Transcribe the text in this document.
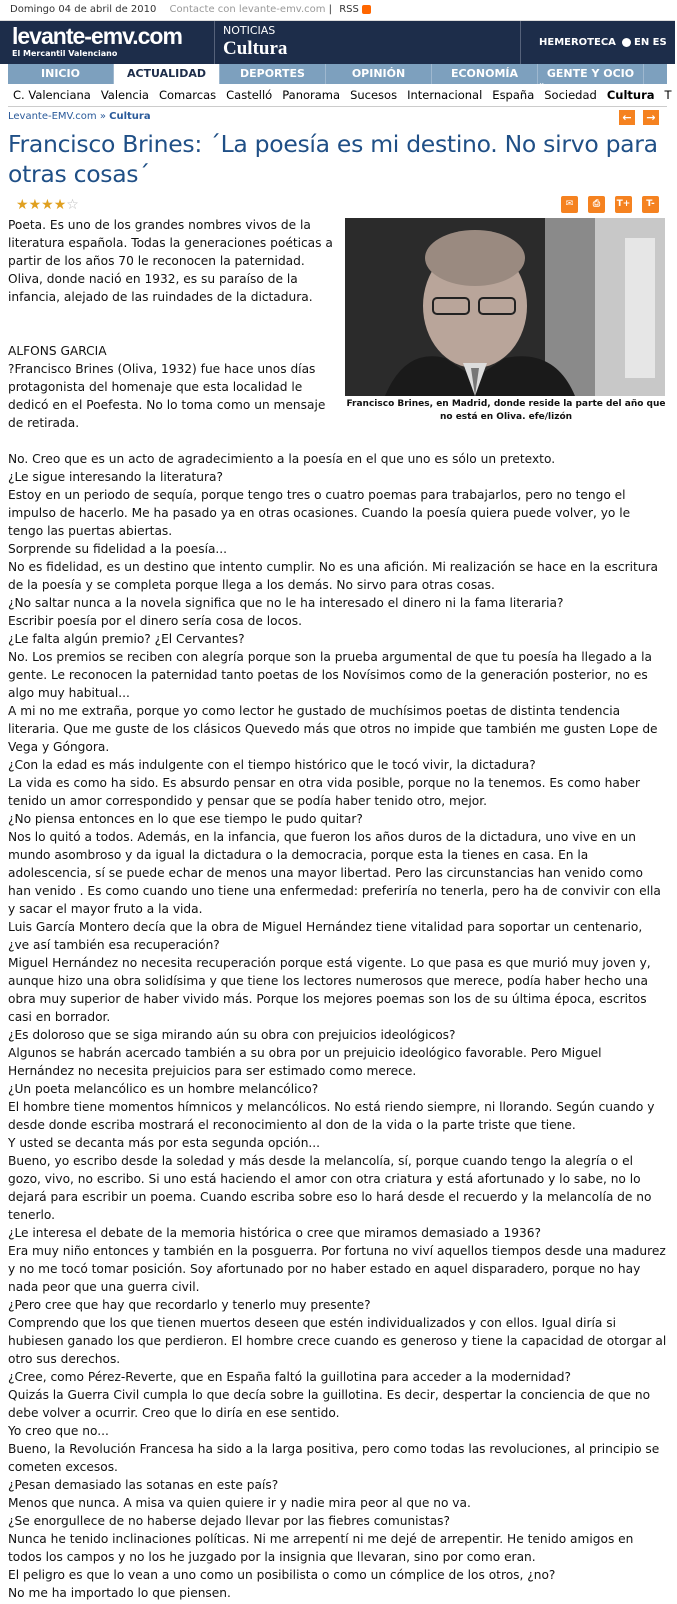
Domingo 04 de abril de 2010 Contacte con levante-emv.com | RSS
levante-emv.com
El Mercantil Valenciano
NOTICIAS
Cultura	HEMEROTECA »
EN ES
INICIO	ACTUALIDAD	DEPORTES	OPINIÓN	ECONOMÍA	GENTE Y OCIO
C. Valenciana Valencia Comarcas Castelló Panorama Sucesos Internacional España Sociedad Cultura T
Levante-EMV.com » Cultura	←	→
Francisco Brines: ´La poesía es mi destino. No sirvo para otras cosas´
★★★★☆	✉	⎙	T+	T-
Francisco Brines, en Madrid, donde reside la parte del año que no está en Oliva. efe/lizón

Poeta. Es uno de los grandes nombres vivos de la literatura española. Todas la generaciones poéticas a partir de los años 70 le reconocen la paternidad. Oliva, donde nació en 1932, es su paraíso de la infancia, alejado de las ruindades de la dictadura.

ALFONS GARCIA

?Francisco Brines (Oliva, 1932) fue hace unos días protagonista del homenaje que esta localidad le dedicó en el Poefesta. No lo toma como un mensaje de retirada.

No. Creo que es un acto de agradecimiento a la poesía en el que uno es sólo un pretexto.

¿Le sigue interesando la literatura?

Estoy en un periodo de sequía, porque tengo tres o cuatro poemas para trabajarlos, pero no tengo el impulso de hacerlo. Me ha pasado ya en otras ocasiones. Cuando la poesía quiera puede volver, yo le tengo las puertas abiertas.

Sorprende su fidelidad a la poesía...

No es fidelidad, es un destino que intento cumplir. No es una afición. Mi realización se hace en la escritura de la poesía y se completa porque llega a los demás. No sirvo para otras cosas.

¿No saltar nunca a la novela significa que no le ha interesado el dinero ni la fama literaria?

Escribir poesía por el dinero sería cosa de locos.

¿Le falta algún premio? ¿El Cervantes?

No. Los premios se reciben con alegría porque son la prueba argumental de que tu poesía ha llegado a la gente. Le reconocen la paternidad tanto poetas de los Novísimos como de la generación posterior, no es algo muy habitual...

A mi no me extraña, porque yo como lector he gustado de muchísimos poetas de distinta tendencia literaria. Que me guste de los clásicos Quevedo más que otros no impide que también me gusten Lope de Vega y Góngora.

¿Con la edad es más indulgente con el tiempo histórico que le tocó vivir, la dictadura?

La vida es como ha sido. Es absurdo pensar en otra vida posible, porque no la tenemos. Es como haber tenido un amor correspondido y pensar que se podía haber tenido otro, mejor.

¿No piensa entonces en lo que ese tiempo le pudo quitar?

Nos lo quitó a todos. Además, en la infancia, que fueron los años duros de la dictadura, uno vive en un mundo asombroso y da igual la dictadura o la democracia, porque esta la tienes en casa. En la adolescencia, sí se puede echar de menos una mayor libertad. Pero las circunstancias han venido como han venido . Es como cuando uno tiene una enfermedad: preferiría no tenerla, pero ha de convivir con ella y sacar el mayor fruto a la vida.

Luis García Montero decía que la obra de Miguel Hernández tiene vitalidad para soportar un centenario, ¿ve así también esa recuperación?

Miguel Hernández no necesita recuperación porque está vigente. Lo que pasa es que murió muy joven y, aunque hizo una obra solidísima y que tiene los lectores numerosos que merece, podía haber hecho una obra muy superior de haber vivido más. Porque los mejores poemas son los de su última época, escritos casi en borrador.

¿Es doloroso que se siga mirando aún su obra con prejuicios ideológicos?

Algunos se habrán acercado también a su obra por un prejuicio ideológico favorable. Pero Miguel Hernández no necesita prejuicios para ser estimado como merece.

¿Un poeta melancólico es un hombre melancólico?

El hombre tiene momentos hímnicos y melancólicos. No está riendo siempre, ni llorando. Según cuando y desde donde escriba mostrará el reconocimiento al don de la vida o la parte triste que tiene.

Y usted se decanta más por esta segunda opción...

Bueno, yo escribo desde la soledad y más desde la melancolía, sí, porque cuando tengo la alegría o el gozo, vivo, no escribo. Si uno está haciendo el amor con otra criatura y está afortunado y lo sabe, no lo dejará para escribir un poema. Cuando escriba sobre eso lo hará desde el recuerdo y la melancolía de no tenerlo.

¿Le interesa el debate de la memoria histórica o cree que miramos demasiado a 1936?

Era muy niño entonces y también en la posguerra. Por fortuna no viví aquellos tiempos desde una madurez y no me tocó tomar posición. Soy afortunado por no haber estado en aquel disparadero, porque no hay nada peor que una guerra civil.

¿Pero cree que hay que recordarlo y tenerlo muy presente?

Comprendo que los que tienen muertos deseen que estén individualizados y con ellos. Igual diría si hubiesen ganado los que perdieron. El hombre crece cuando es generoso y tiene la capacidad de otorgar al otro sus derechos.

¿Cree, como Pérez-Reverte, que en España faltó la guillotina para acceder a la modernidad?

Quizás la Guerra Civil cumpla lo que decía sobre la guillotina. Es decir, despertar la conciencia de que no debe volver a ocurrir. Creo que lo diría en ese sentido.

Yo creo que no...

Bueno, la Revolución Francesa ha sido a la larga positiva, pero como todas las revoluciones, al principio se cometen excesos.

¿Pesan demasiado las sotanas en este país?

Menos que nunca. A misa va quien quiere ir y nadie mira peor al que no va.

¿Se enorgullece de no haberse dejado llevar por las fiebres comunistas?

Nunca he tenido inclinaciones políticas. Ni me arrepentí ni me dejé de arrepentir. He tenido amigos en todos los campos y no los he juzgado por la insignia que llevaran, sino por como eran.

El peligro es que lo vean a uno como un posibilista o como un cómplice de los otros, ¿no?

No me ha importado lo que piensen.
